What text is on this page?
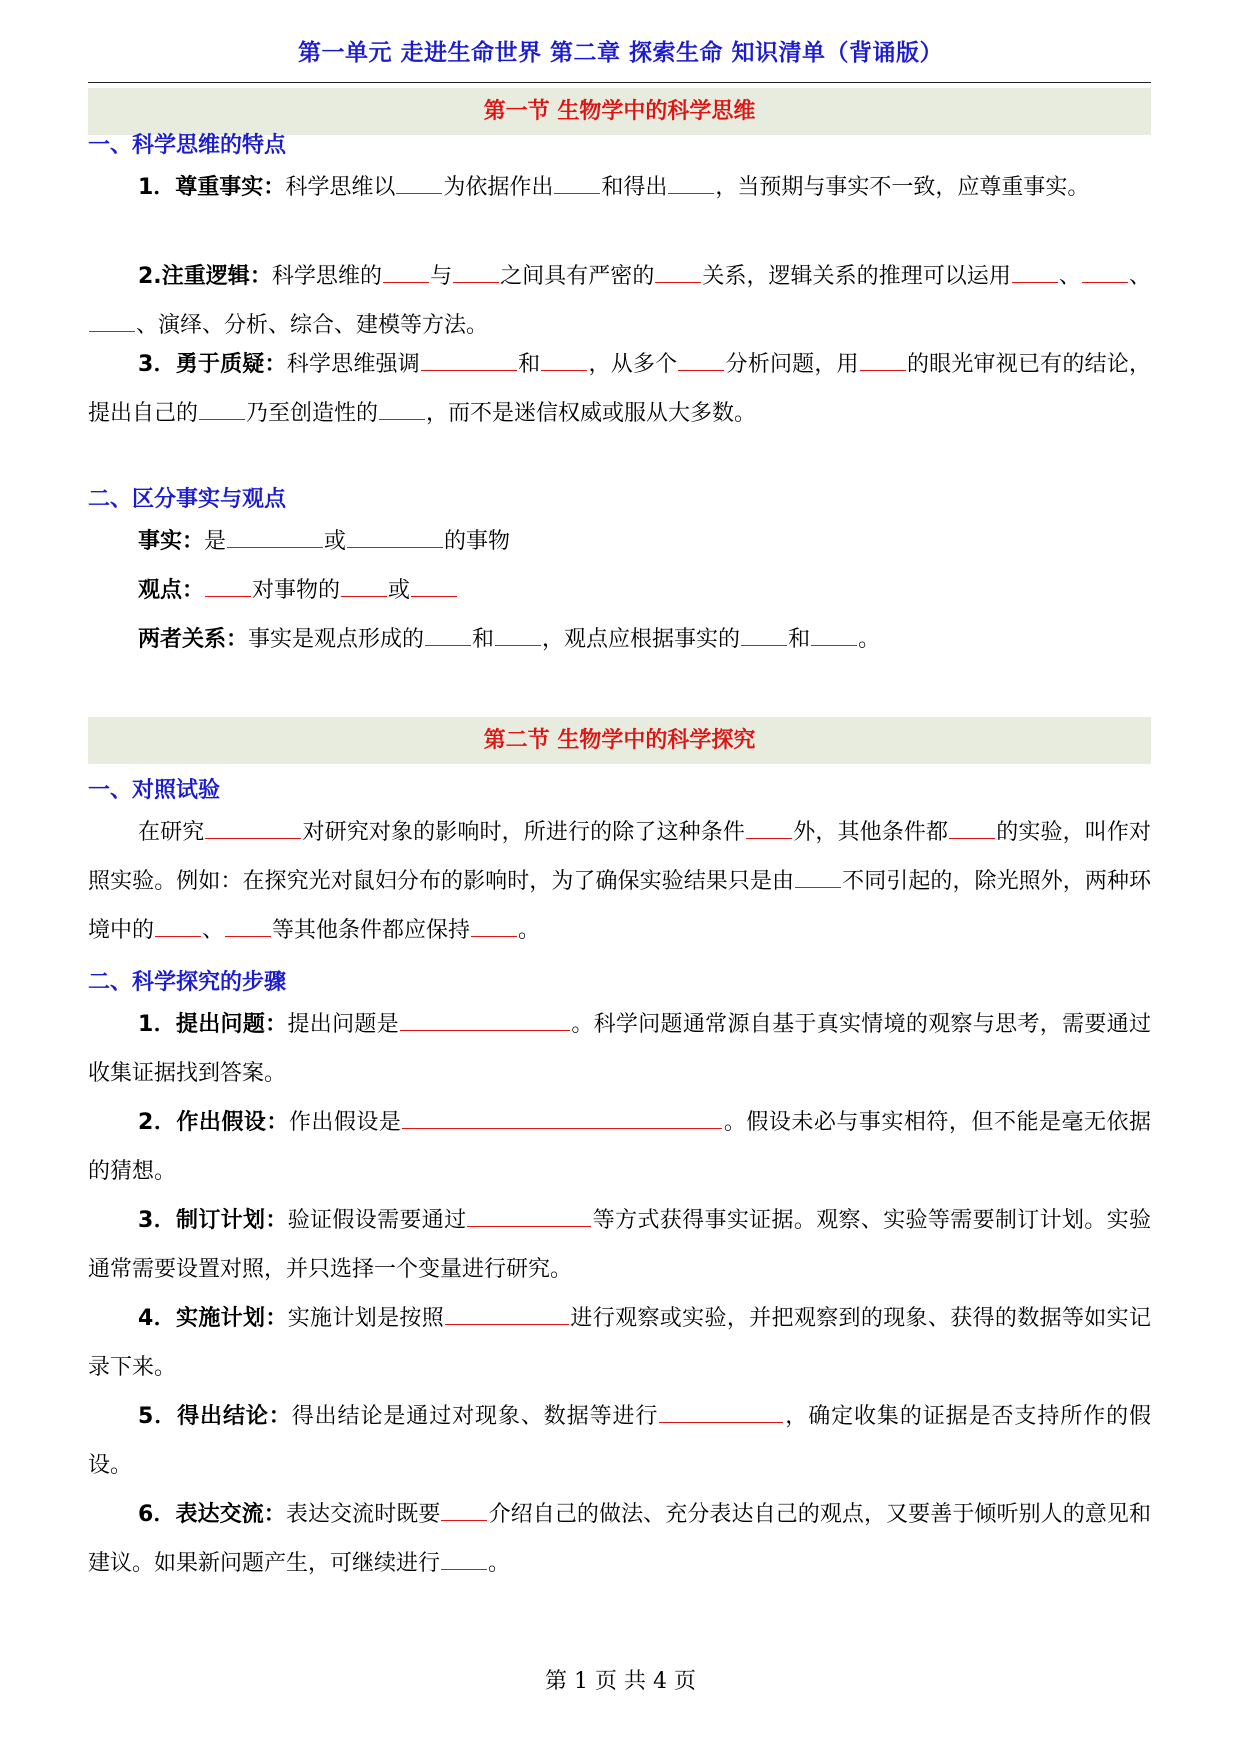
第一单元 走进生命世界 第二章 探索生命 知识清单（背诵版）
第一节 生物学中的科学思维
一、科学思维的特点
1．尊重事实：科学思维以 为依据作出 和得出 ，当预期与事实不一致，应尊重事实。
2.注重逻辑：科学思维的 与 之间具有严密的 关系，逻辑关系的推理可以运用 、 、、演绎、分析、综合、建模等方法。
3．勇于质疑：科学思维强调	和 ，从多个 分析问题，用 的眼光审视已有的结论，提出自己的 乃至创造性的 ，而不是迷信权威或服从大多数。
二、区分事实与观点
事实：是	或	的事物
观点： 对事物的 或
两者关系：事实是观点形成的 和 ，观点应根据事实的 和 。
第二节 生物学中的科学探究
一、对照试验
在研究	对研究对象的影响时，所进行的除了这种条件 外，其他条件都 的实验，叫作对照实验。例如：在探究光对鼠妇分布的影响时，为了确保实验结果只是由 不同引起的，除光照外，两种环境中的 、 等其他条件都应保持 。
二、科学探究的步骤
1．提出问题：提出问题是	。科学问题通常源自基于真实情境的观察与思考，需要通过收集证据找到答案。
2．作出假设：作出假设是	。假设未必与事实相符，但不能是毫无依据的猜想。
3．制订计划：验证假设需要通过	等方式获得事实证据。观察、实验等需要制订计划。实验通常需要设置对照，并只选择一个变量进行研究。
4．实施计划：实施计划是按照	进行观察或实验，并把观察到的现象、获得的数据等如实记录下来。
5．得出结论：得出结论是通过对现象、数据等进行	，确定收集的证据是否支持所作的假设。
6．表达交流：表达交流时既要 介绍自己的做法、充分表达自己的观点，又要善于倾听别人的意见和建议。如果新问题产生，可继续进行 。
第 1 页 共 4 页
